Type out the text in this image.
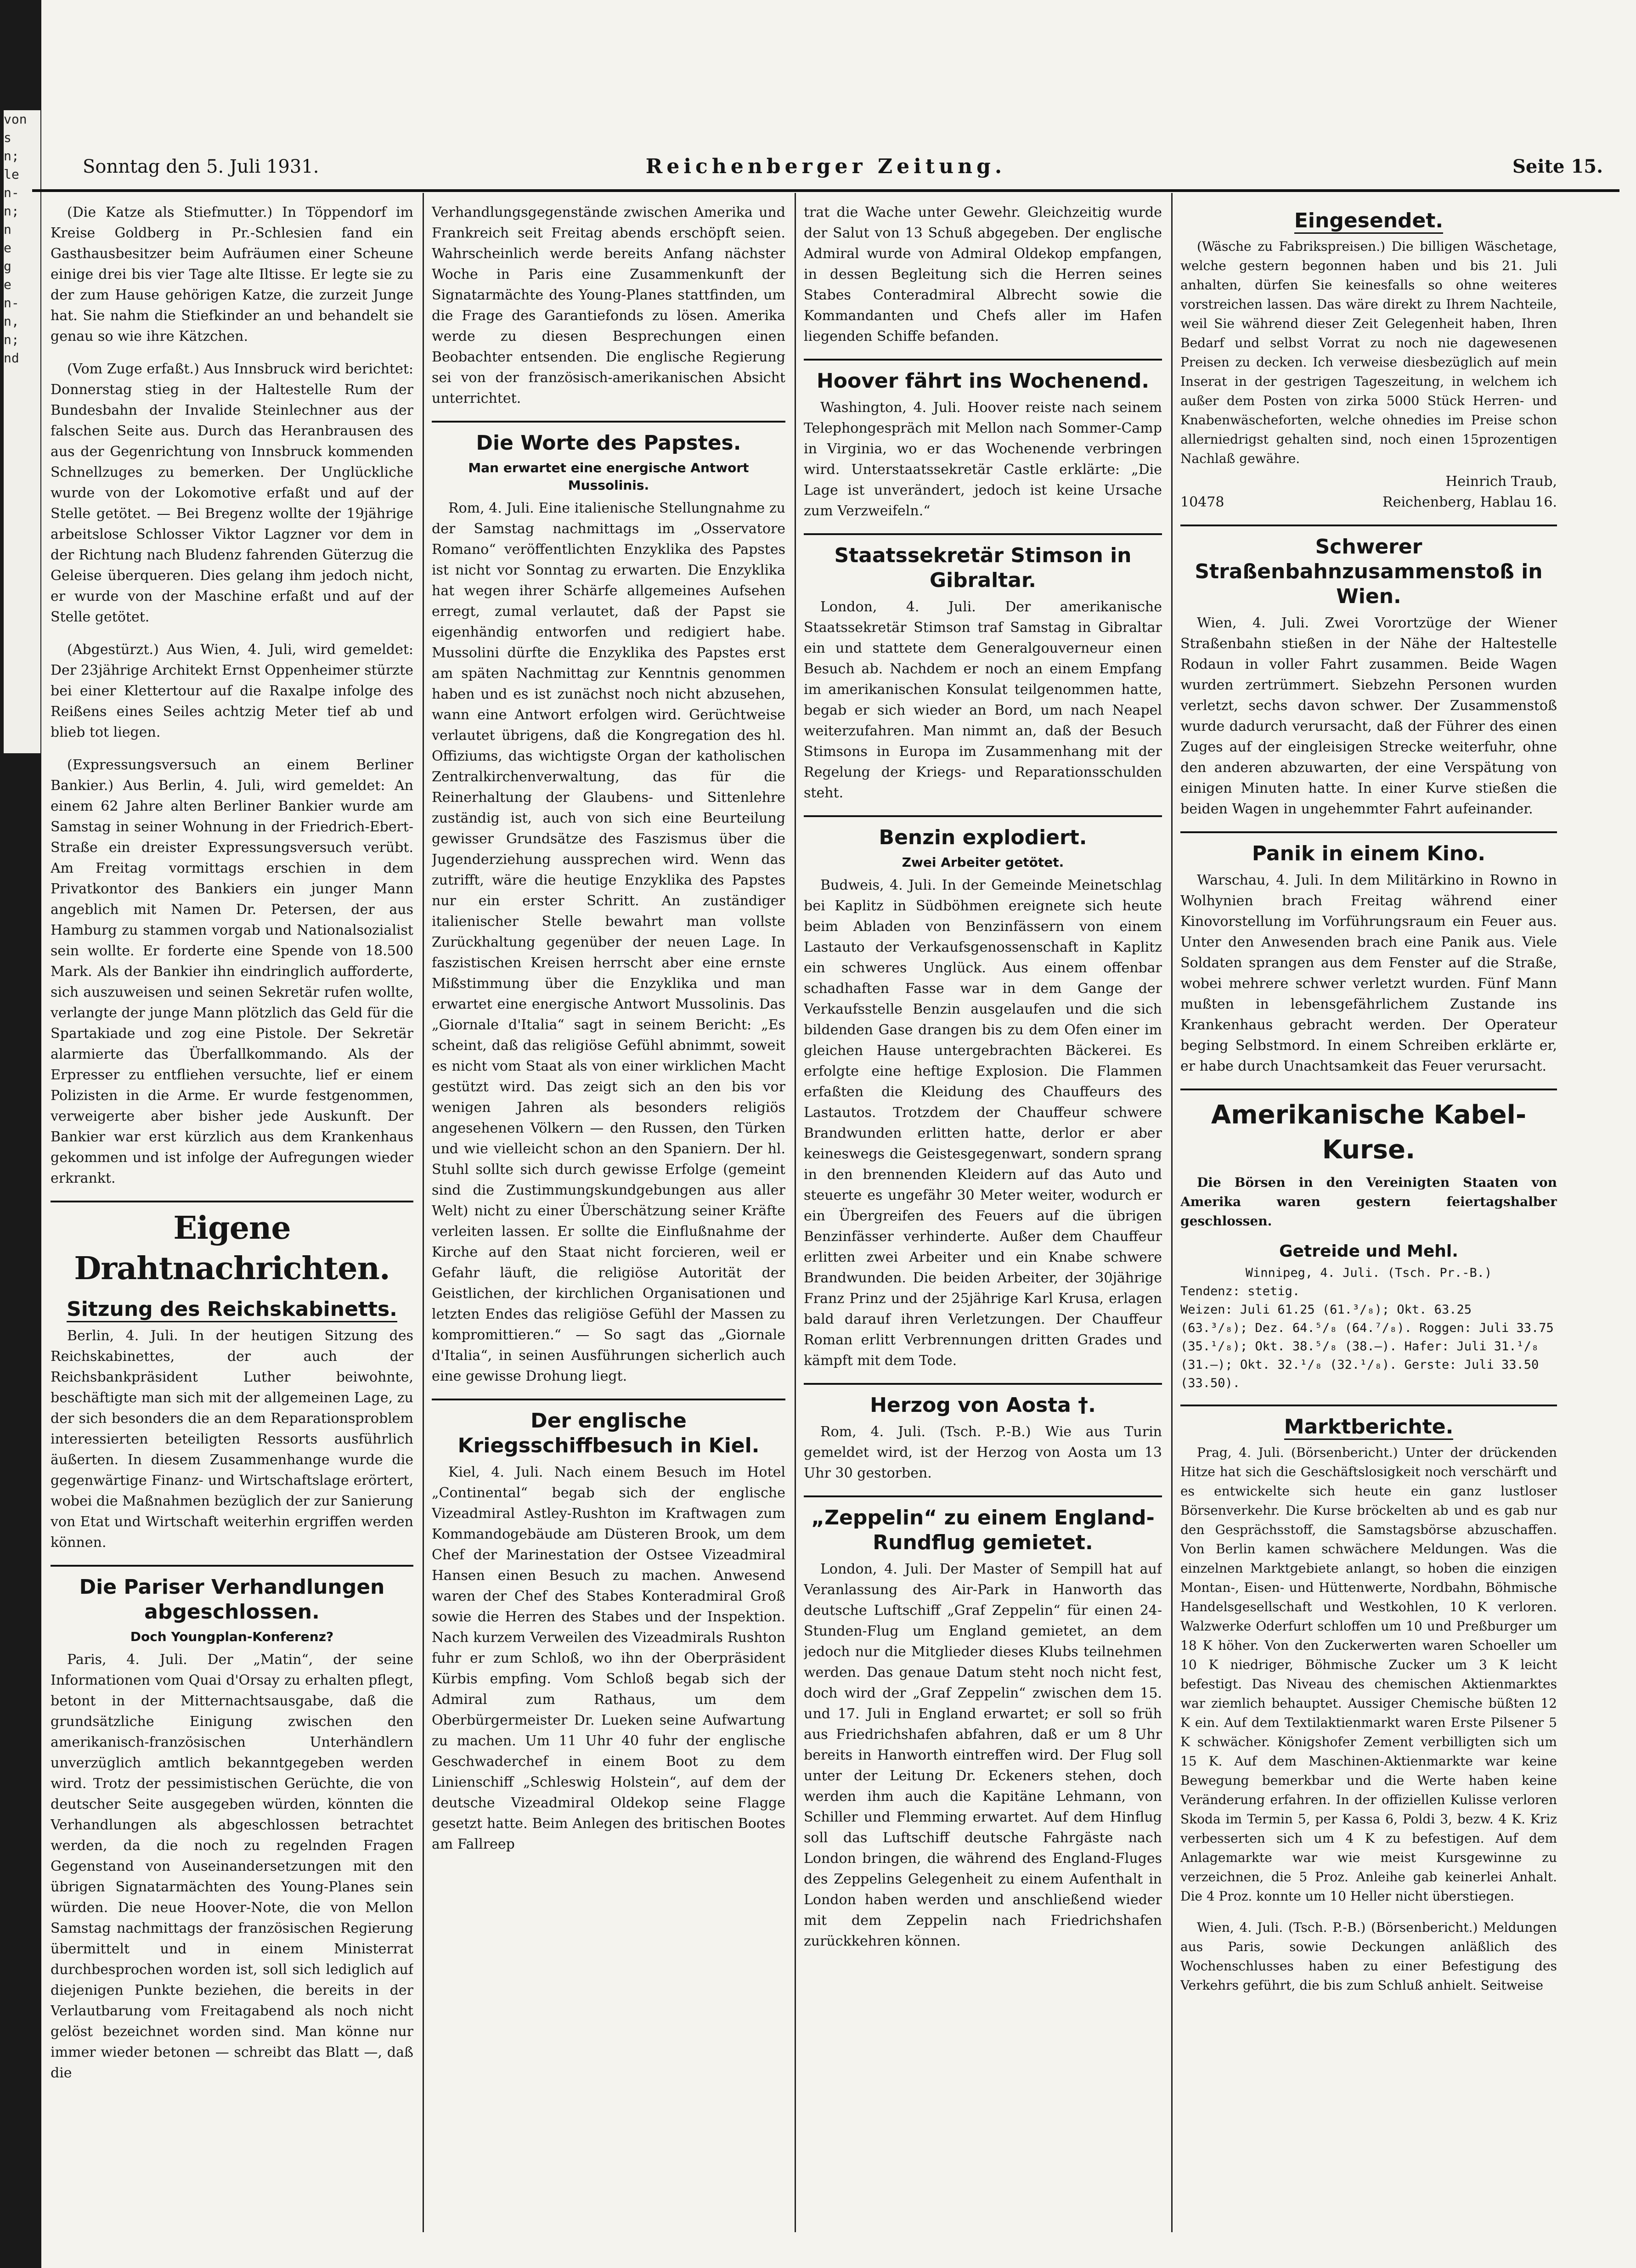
von
s
n;
le
n-
n;
n
e
g
e
n-
n,
n;
nd
Sonntag den 5. Juli 1931.	Reichenberger Zeitung.	Seite 15.

(Die Katze als Stiefmutter.) In Töppendorf im Kreise Goldberg in Pr.-Schlesien fand ein Gasthausbesitzer beim Aufräumen einer Scheune einige drei bis vier Tage alte Iltisse. Er legte sie zu der zum Hause gehörigen Katze, die zurzeit Junge hat. Sie nahm die Stiefkinder an und behandelt sie genau so wie ihre Kätzchen.

(Vom Zuge erfaßt.) Aus Innsbruck wird berichtet: Donnerstag stieg in der Haltestelle Rum der Bundesbahn der Invalide Steinlechner aus der falschen Seite aus. Durch das Heranbrausen des aus der Gegenrichtung von Innsbruck kommenden Schnellzuges zu bemerken. Der Unglückliche wurde von der Lokomotive erfaßt und auf der Stelle getötet. — Bei Bregenz wollte der 19jährige arbeitslose Schlosser Viktor Lagzner vor dem in der Richtung nach Bludenz fahrenden Güterzug die Geleise überqueren. Dies gelang ihm jedoch nicht, er wurde von der Maschine erfaßt und auf der Stelle getötet.

(Abgestürzt.) Aus Wien, 4. Juli, wird gemeldet: Der 23jährige Architekt Ernst Oppenheimer stürzte bei einer Klettertour auf die Raxalpe infolge des Reißens eines Seiles achtzig Meter tief ab und blieb tot liegen.

(Expressungsversuch an einem Berliner Bankier.) Aus Berlin, 4. Juli, wird gemeldet: An einem 62 Jahre alten Berliner Bankier wurde am Samstag in seiner Wohnung in der Friedrich-Ebert-Straße ein dreister Expressungsversuch verübt. Am Freitag vormittags erschien in dem Privatkontor des Bankiers ein junger Mann angeblich mit Namen Dr. Petersen, der aus Hamburg zu stammen vorgab und Nationalsozialist sein wollte. Er forderte eine Spende von 18.500 Mark. Als der Bankier ihn eindringlich aufforderte, sich auszuweisen und seinen Sekretär rufen wollte, verlangte der junge Mann plötzlich das Geld für die Spartakiade und zog eine Pistole. Der Sekretär alarmierte das Überfallkommando. Als der Erpresser zu entfliehen versuchte, lief er einem Polizisten in die Arme. Er wurde festgenommen, verweigerte aber bisher jede Auskunft. Der Bankier war erst kürzlich aus dem Krankenhaus gekommen und ist infolge der Aufregungen wieder erkrankt.

Eigene Drahtnachrichten.
Sitzung des Reichskabinetts.

Berlin, 4. Juli. In der heutigen Sitzung des Reichskabinettes, der auch der Reichsbankpräsident Luther beiwohnte, beschäftigte man sich mit der allgemeinen Lage, zu der sich besonders die an dem Reparationsproblem interessierten beteiligten Ressorts ausführlich äußerten. In diesem Zusammenhange wurde die gegenwärtige Finanz- und Wirtschaftslage erörtert, wobei die Maßnahmen bezüglich der zur Sanierung von Etat und Wirtschaft weiterhin ergriffen werden können.

Die Pariser Verhandlungen abgeschlossen.
Doch Youngplan-Konferenz?

Paris, 4. Juli. Der „Matin“, der seine Informationen vom Quai d'Orsay zu erhalten pflegt, betont in der Mitternachtsausgabe, daß die grundsätzliche Einigung zwischen den amerikanisch-französischen Unterhändlern unverzüglich amtlich bekanntgegeben werden wird. Trotz der pessimistischen Gerüchte, die von deutscher Seite ausgegeben würden, könnten die Verhandlungen als abgeschlossen betrachtet werden, da die noch zu regelnden Fragen Gegenstand von Auseinandersetzungen mit den übrigen Signatarmächten des Young-Planes sein würden. Die neue Hoover-Note, die von Mellon Samstag nachmittags der französischen Regierung übermittelt und in einem Ministerrat durchbesprochen worden ist, soll sich lediglich auf diejenigen Punkte beziehen, die bereits in der Verlautbarung vom Freitagabend als noch nicht gelöst bezeichnet worden sind. Man könne nur immer wieder betonen — schreibt das Blatt —, daß die

Verhandlungsgegenstände zwischen Amerika und Frankreich seit Freitag abends erschöpft seien. Wahrscheinlich werde bereits Anfang nächster Woche in Paris eine Zusammenkunft der Signatarmächte des Young-Planes stattfinden, um die Frage des Garantiefonds zu lösen. Amerika werde zu diesen Besprechungen einen Beobachter entsenden. Die englische Regierung sei von der französisch-amerikanischen Absicht unterrichtet.

Die Worte des Papstes.
Man erwartet eine energische Antwort Mussolinis.

Rom, 4. Juli. Eine italienische Stellungnahme zu der Samstag nachmittags im „Osservatore Romano“ veröffentlichten Enzyklika des Papstes ist nicht vor Sonntag zu erwarten. Die Enzyklika hat wegen ihrer Schärfe allgemeines Aufsehen erregt, zumal verlautet, daß der Papst sie eigenhändig entworfen und redigiert habe. Mussolini dürfte die Enzyklika des Papstes erst am späten Nachmittag zur Kenntnis genommen haben und es ist zunächst noch nicht abzusehen, wann eine Antwort erfolgen wird. Gerüchtweise verlautet übrigens, daß die Kongregation des hl. Offiziums, das wichtigste Organ der katholischen Zentralkirchenverwaltung, das für die Reinerhaltung der Glaubens- und Sittenlehre zuständig ist, auch von sich eine Beurteilung gewisser Grundsätze des Faszismus über die Jugenderziehung aussprechen wird. Wenn das zutrifft, wäre die heutige Enzyklika des Papstes nur ein erster Schritt. An zuständiger italienischer Stelle bewahrt man vollste Zurückhaltung gegenüber der neuen Lage. In faszistischen Kreisen herrscht aber eine ernste Mißstimmung über die Enzyklika und man erwartet eine energische Antwort Mussolinis. Das „Giornale d'Italia“ sagt in seinem Bericht: „Es scheint, daß das religiöse Gefühl abnimmt, soweit es nicht vom Staat als von einer wirklichen Macht gestützt wird. Das zeigt sich an den bis vor wenigen Jahren als besonders religiös angesehenen Völkern — den Russen, den Türken und wie vielleicht schon an den Spaniern. Der hl. Stuhl sollte sich durch gewisse Erfolge (gemeint sind die Zustimmungskundgebungen aus aller Welt) nicht zu einer Überschätzung seiner Kräfte verleiten lassen. Er sollte die Einflußnahme der Kirche auf den Staat nicht forcieren, weil er Gefahr läuft, die religiöse Autorität der Geistlichen, der kirchlichen Organisationen und letzten Endes das religiöse Gefühl der Massen zu kompromittieren.“ — So sagt das „Giornale d'Italia“, in seinen Ausführungen sicherlich auch eine gewisse Drohung liegt.

Der englische Kriegsschiffbesuch in Kiel.

Kiel, 4. Juli. Nach einem Besuch im Hotel „Continental“ begab sich der englische Vizeadmiral Astley-Rushton im Kraftwagen zum Kommandogebäude am Düsteren Brook, um dem Chef der Marinestation der Ostsee Vizeadmiral Hansen einen Besuch zu machen. Anwesend waren der Chef des Stabes Konteradmiral Groß sowie die Herren des Stabes und der Inspektion. Nach kurzem Verweilen des Vizeadmirals Rushton fuhr er zum Schloß, wo ihn der Oberpräsident Kürbis empfing. Vom Schloß begab sich der Admiral zum Rathaus, um dem Oberbürgermeister Dr. Lueken seine Aufwartung zu machen. Um 11 Uhr 40 fuhr der englische Geschwaderchef in einem Boot zu dem Linienschiff „Schleswig Holstein“, auf dem der deutsche Vizeadmiral Oldekop seine Flagge gesetzt hatte. Beim Anlegen des britischen Bootes am Fallreep

trat die Wache unter Gewehr. Gleichzeitig wurde der Salut von 13 Schuß abgegeben. Der englische Admiral wurde von Admiral Oldekop empfangen, in dessen Begleitung sich die Herren seines Stabes Conteradmiral Albrecht sowie die Kommandanten und Chefs aller im Hafen liegenden Schiffe befanden.

Hoover fährt ins Wochenend.

Washington, 4. Juli. Hoover reiste nach seinem Telephongespräch mit Mellon nach Sommer-Camp in Virginia, wo er das Wochenende verbringen wird. Unterstaatssekretär Castle erklärte: „Die Lage ist unverändert, jedoch ist keine Ursache zum Verzweifeln.“

Staatssekretär Stimson in Gibraltar.

London, 4. Juli. Der amerikanische Staatssekretär Stimson traf Samstag in Gibraltar ein und stattete dem Generalgouverneur einen Besuch ab. Nachdem er noch an einem Empfang im amerikanischen Konsulat teilgenommen hatte, begab er sich wieder an Bord, um nach Neapel weiterzufahren. Man nimmt an, daß der Besuch Stimsons in Europa im Zusammenhang mit der Regelung der Kriegs- und Reparationsschulden steht.

Benzin explodiert.
Zwei Arbeiter getötet.

Budweis, 4. Juli. In der Gemeinde Meinetschlag bei Kaplitz in Südböhmen ereignete sich heute beim Abladen von Benzinfässern von einem Lastauto der Verkaufsgenossenschaft in Kaplitz ein schweres Unglück. Aus einem offenbar schadhaften Fasse war in dem Gange der Verkaufsstelle Benzin ausgelaufen und die sich bildenden Gase drangen bis zu dem Ofen einer im gleichen Hause untergebrachten Bäckerei. Es erfolgte eine heftige Explosion. Die Flammen erfaßten die Kleidung des Chauffeurs des Lastautos. Trotzdem der Chauffeur schwere Brandwunden erlitten hatte, derlor er aber keineswegs die Geistesgegenwart, sondern sprang in den brennenden Kleidern auf das Auto und steuerte es ungefähr 30 Meter weiter, wodurch er ein Übergreifen des Feuers auf die übrigen Benzinfässer verhinderte. Außer dem Chauffeur erlitten zwei Arbeiter und ein Knabe schwere Brandwunden. Die beiden Arbeiter, der 30jährige Franz Prinz und der 25jährige Karl Krusa, erlagen bald darauf ihren Verletzungen. Der Chauffeur Roman erlitt Verbrennungen dritten Grades und kämpft mit dem Tode.

Herzog von Aosta †.

Rom, 4. Juli. (Tsch. P.-B.) Wie aus Turin gemeldet wird, ist der Herzog von Aosta um 13 Uhr 30 gestorben.

„Zeppelin“ zu einem England-Rundflug gemietet.

London, 4. Juli. Der Master of Sempill hat auf Veranlassung des Air-Park in Hanworth das deutsche Luftschiff „Graf Zeppelin“ für einen 24-Stunden-Flug um England gemietet, an dem jedoch nur die Mitglieder dieses Klubs teilnehmen werden. Das genaue Datum steht noch nicht fest, doch wird der „Graf Zeppelin“ zwischen dem 15. und 17. Juli in England erwartet; er soll so früh aus Friedrichshafen abfahren, daß er um 8 Uhr bereits in Hanworth eintreffen wird. Der Flug soll unter der Leitung Dr. Eckeners stehen, doch werden ihm auch die Kapitäne Lehmann, von Schiller und Flemming erwartet. Auf dem Hinflug soll das Luftschiff deutsche Fahrgäste nach London bringen, die während des England-Fluges des Zeppelins Gelegenheit zu einem Aufenthalt in London haben werden und anschließend wieder mit dem Zeppelin nach Friedrichshafen zurückkehren können.

Eingesendet.

(Wäsche zu Fabrikspreisen.) Die billigen Wäschetage, welche gestern begonnen haben und bis 21. Juli anhalten, dürfen Sie keinesfalls so ohne weiteres vorstreichen lassen. Das wäre direkt zu Ihrem Nachteile, weil Sie während dieser Zeit Gelegenheit haben, Ihren Bedarf und selbst Vorrat zu noch nie dagewesenen Preisen zu decken. Ich verweise diesbezüglich auf mein Inserat in der gestrigen Tageszeitung, in welchem ich außer dem Posten von zirka 5000 Stück Herren- und Knabenwäscheforten, welche ohnedies im Preise schon allerniedrigst gehalten sind, noch einen 15prozentigen Nachlaß gewähre.

Heinrich Traub,
10478	Reichenberg, Hablau 16.
Schwerer Straßenbahnzusammenstoß in Wien.

Wien, 4. Juli. Zwei Vorortzüge der Wiener Straßenbahn stießen in der Nähe der Haltestelle Rodaun in voller Fahrt zusammen. Beide Wagen wurden zertrümmert. Siebzehn Personen wurden verletzt, sechs davon schwer. Der Zusammenstoß wurde dadurch verursacht, daß der Führer des einen Zuges auf der eingleisigen Strecke weiterfuhr, ohne den anderen abzuwarten, der eine Verspätung von einigen Minuten hatte. In einer Kurve stießen die beiden Wagen in ungehemmter Fahrt aufeinander.

Panik in einem Kino.

Warschau, 4. Juli. In dem Militärkino in Rowno in Wolhynien brach Freitag während einer Kinovorstellung im Vorführungsraum ein Feuer aus. Unter den Anwesenden brach eine Panik aus. Viele Soldaten sprangen aus dem Fenster auf die Straße, wobei mehrere schwer verletzt wurden. Fünf Mann mußten in lebensgefährlichem Zustande ins Krankenhaus gebracht werden. Der Operateur beging Selbstmord. In einem Schreiben erklärte er, er habe durch Unachtsamkeit das Feuer verursacht.

Amerikanische Kabel-Kurse.

Die Börsen in den Vereinigten Staaten von Amerika waren gestern feiertagshalber geschlossen.

Getreide und Mehl.
Winnipeg, 4. Juli. (Tsch. Pr.-B.)
Tendenz: stetig.
Weizen: Juli 61.25 (61.³/₈); Okt. 63.25
(63.³/₈); Dez. 64.⁵/₈ (64.⁷/₈). Roggen: Juli 33.75
(35.¹/₈); Okt. 38.⁵/₈ (38.—). Hafer: Juli 31.¹/₈
(31.—); Okt. 32.¹/₈ (32.¹/₈). Gerste: Juli 33.50
(33.50).
Marktberichte.

Prag, 4. Juli. (Börsenbericht.) Unter der drückenden Hitze hat sich die Geschäftslosigkeit noch verschärft und es entwickelte sich heute ein ganz lustloser Börsenverkehr. Die Kurse bröckelten ab und es gab nur den Gesprächsstoff, die Samstagsbörse abzuschaffen. Von Berlin kamen schwächere Meldungen. Was die einzelnen Marktgebiete anlangt, so hoben die einzigen Montan-, Eisen- und Hüttenwerte, Nordbahn, Böhmische Handelsgesellschaft und Westkohlen, 10 K verloren. Walzwerke Oderfurt schloffen um 10 und Preßburger um 18 K höher. Von den Zuckerwerten waren Schoeller um 10 K niedriger, Böhmische Zucker um 3 K leicht befestigt. Das Niveau des chemischen Aktienmarktes war ziemlich behauptet. Aussiger Chemische büßten 12 K ein. Auf dem Textilaktienmarkt waren Erste Pilsener 5 K schwächer. Königshofer Zement verbilligten sich um 15 K. Auf dem Maschinen-Aktienmarkte war keine Bewegung bemerkbar und die Werte haben keine Veränderung erfahren. In der offiziellen Kulisse verloren Skoda im Termin 5, per Kassa 6, Poldi 3, bezw. 4 K. Kriz verbesserten sich um 4 K zu befestigen. Auf dem Anlagemarkte war wie meist Kursgewinne zu verzeichnen, die 5 Proz. Anleihe gab keinerlei Anhalt. Die 4 Proz. konnte um 10 Heller nicht überstiegen.

Wien, 4. Juli. (Tsch. P.-B.) (Börsenbericht.) Meldungen aus Paris, sowie Deckungen anläßlich des Wochenschlusses haben zu einer Befestigung des Verkehrs geführt, die bis zum Schluß anhielt. Seitweise
